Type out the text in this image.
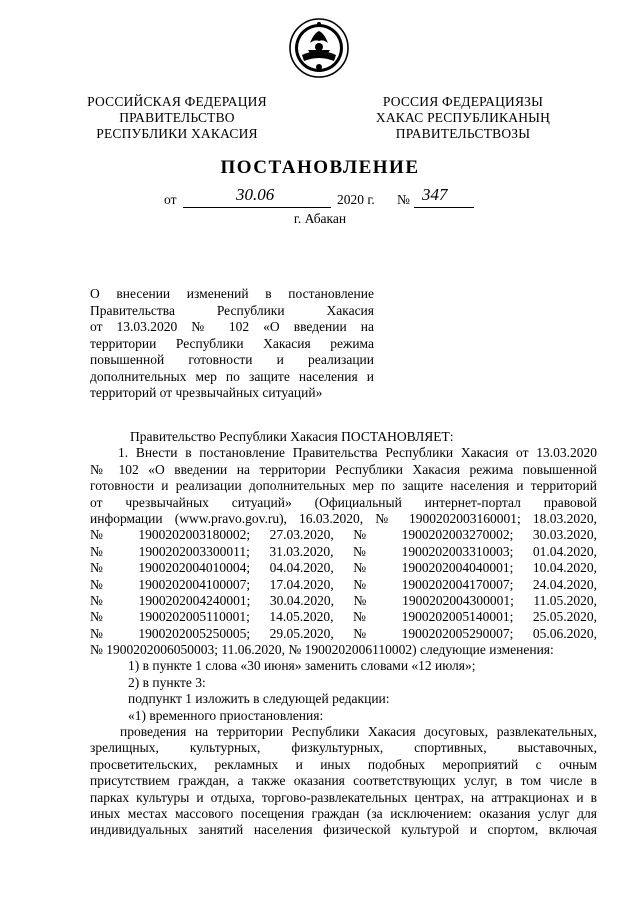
РОССИЙСКАЯ ФЕДЕРАЦИЯ
ПРАВИТЕЛЬСТВО
РЕСПУБЛИКИ ХАКАСИЯ
РОССИЯ ФЕДЕРАЦИЯЗЫ
ХАКАС РЕСПУБЛИКАНЫҢ
ПРАВИТЕЛЬСТВОЗЫ
ПОСТАНОВЛЕНИЕ
от	30.06	2020 г. № 347
г. Абакан
О внесении изменений в постановление
Правительства Республики Хакасия
от 13.03.2020 № 102 «О введении на
территории Республики Хакасия режима
повышенной готовности и реализации
дополнительных мер по защите населения и
территорий от чрезвычайных ситуаций»
Правительство Республики Хакасия ПОСТАНОВЛЯЕТ:
1. Внести в постановление Правительства Республики Хакасия от 13.03.2020
№ 102 «О введении на территории Республики Хакасия режима повышенной
готовности и реализации дополнительных мер по защите населения и территорий
от чрезвычайных ситуаций» (Официальный интернет-портал правовой
информации (www.pravo.gov.ru), 16.03.2020, № 1900202003160001; 18.03.2020,
№ 1900202003180002; 27.03.2020, № 1900202003270002; 30.03.2020,
№ 1900202003300011; 31.03.2020, № 1900202003310003; 01.04.2020,
№ 1900202004010004; 04.04.2020, № 1900202004040001; 10.04.2020,
№ 1900202004100007; 17.04.2020, № 1900202004170007; 24.04.2020,
№ 1900202004240001; 30.04.2020, № 1900202004300001; 11.05.2020,
№ 1900202005110001; 14.05.2020, № 1900202005140001; 25.05.2020,
№ 1900202005250005; 29.05.2020, № 1900202005290007; 05.06.2020,
№ 1900202006050003; 11.06.2020, № 1900202006110002) следующие изменения:
1) в пункте 1 слова «30 июня» заменить словами «12 июля»;
2) в пункте 3:
подпункт 1 изложить в следующей редакции:
«1) временного приостановления:
проведения на территории Республики Хакасия досуговых, развлекательных,
зрелищных, культурных, физкультурных, спортивных, выставочных,
просветительских, рекламных и иных подобных мероприятий с очным
присутствием граждан, а также оказания соответствующих услуг, в том числе в
парках культуры и отдыха, торгово-развлекательных центрах, на аттракционах и в
иных местах массового посещения граждан (за исключением: оказания услуг для
индивидуальных занятий населения физической культурой и спортом, включая
